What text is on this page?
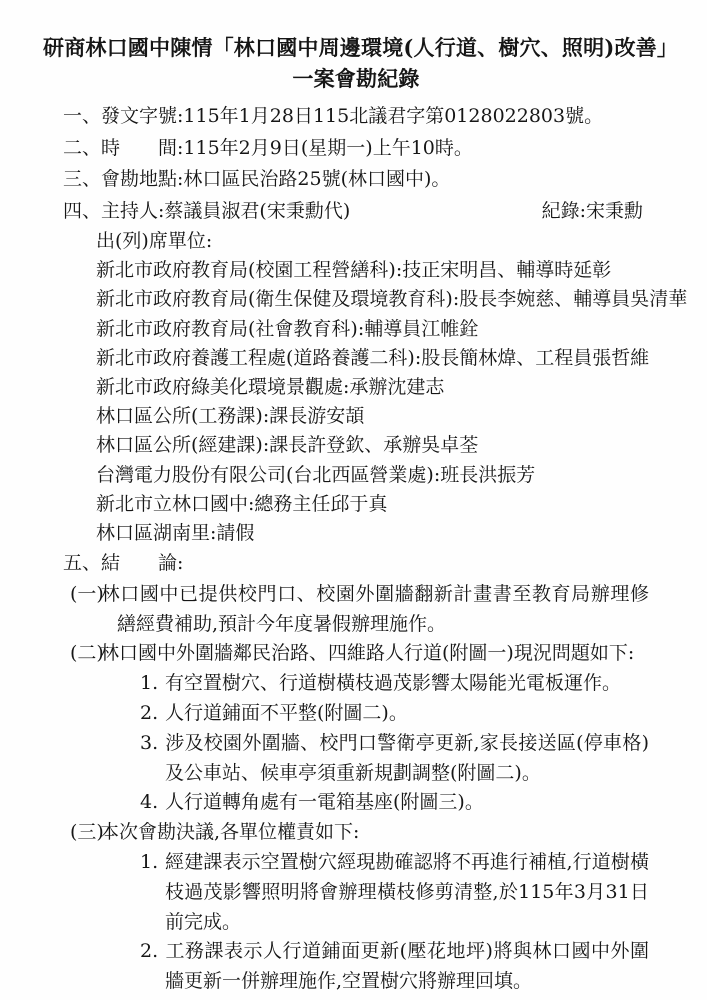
研商林口國中陳情「林口國中周邊環境(人行道、樹穴、照明)改善」
一案會勘紀錄
一、 發文字號: 115年1月28日115北議君字第0128022803號。
二、 時　　間: 115年2月9日(星期一)上午10時。
三、 會勘地點: 林口區民治路25號(林口國中)。
四、 主持人: 蔡議員淑君(宋秉勳代)	紀錄:宋秉勳
出(列)席單位:
新北市政府教育局(校園工程營繕科):技正宋明昌、輔導時延彰
新北市政府教育局(衛生保健及環境教育科):股長李婉慈、輔導員吳清華
新北市政府教育局(社會教育科):輔導員江帷銓
新北市政府養護工程處(道路養護二科):股長簡林煒、工程員張哲維
新北市政府綠美化環境景觀處:承辦沈建志
林口區公所(工務課):課長游安頡
林口區公所(經建課):課長許登欽、承辦吳卓荃
台灣電力股份有限公司(台北西區營業處):班長洪振芳
新北市立林口國中:總務主任邱于真
林口區湖南里:請假
五、 結　　論:
(一)林口國中已提供校門口、校園外圍牆翻新計畫書至教育局辦理修繕經費補助,預計今年度暑假辦理施作。
(二)林口國中外圍牆鄰民治路、四維路人行道(附圖一)現況問題如下:
1. 有空置樹穴、行道樹橫枝過茂影響太陽能光電板運作。
2. 人行道鋪面不平整(附圖二)。
3. 涉及校園外圍牆、校門口警衛亭更新,家長接送區(停車格)及公車站、候車亭須重新規劃調整(附圖二)。
4. 人行道轉角處有一電箱基座(附圖三)。
(三)本次會勘決議,各單位權責如下:
1. 經建課表示空置樹穴經現勘確認將不再進行補植,行道樹橫枝過茂影響照明將會辦理橫枝修剪清整,於115年3月31日前完成。
2. 工務課表示人行道鋪面更新(壓花地坪)將與林口國中外圍牆更新一併辦理施作,空置樹穴將辦理回填。
